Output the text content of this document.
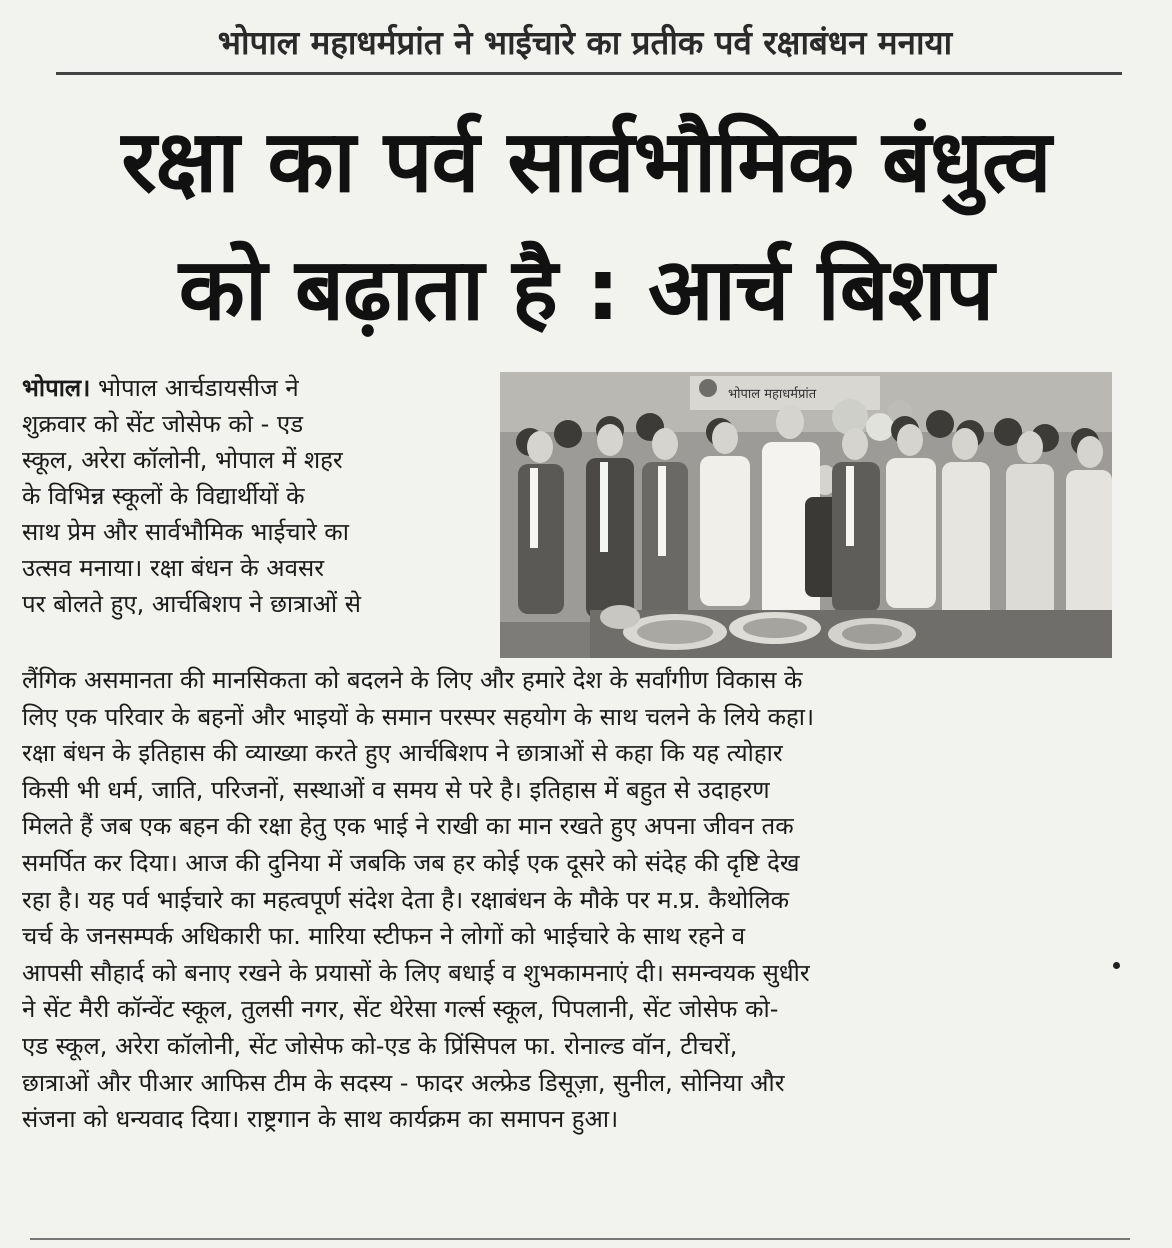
भोपाल महाधर्मप्रांत ने भाईचारे का प्रतीक पर्व रक्षाबंधन मनाया
रक्षा का पर्व सार्वभौमिक बंधुत्व
को बढ़ाता है : आर्च बिशप
भोपाल महाधर्मप्रांत
भोपाल। भोपाल आर्चडायसीज ने
शुक्रवार को सेंट जोसेफ को - एड
स्कूल, अरेरा कॉलोनी, भोपाल में शहर
के विभिन्न स्कूलों के विद्यार्थीयों के
साथ प्रेम और सार्वभौमिक भाईचारे का
उत्सव मनाया। रक्षा बंधन के अवसर
पर बोलते हुए, आर्चबिशप ने छात्राओं से
लैंगिक असमानता की मानसिकता को बदलने के लिए और हमारे देश के सर्वांगीण विकास के
लिए एक परिवार के बहनों और भाइयों के समान परस्पर सहयोग के साथ चलने के लिये कहा।
रक्षा बंधन के इतिहास की व्याख्या करते हुए आर्चबिशप ने छात्राओं से कहा कि यह त्योहार
किसी भी धर्म, जाति, परिजनों, सस्थाओं व समय से परे है। इतिहास में बहुत से उदाहरण
मिलते हैं जब एक बहन की रक्षा हेतु एक भाई ने राखी का मान रखते हुए अपना जीवन तक
समर्पित कर दिया। आज की दुनिया में जबकि जब हर कोई एक दूसरे को संदेह की दृष्टि देख
रहा है। यह पर्व भाईचारे का महत्वपूर्ण संदेश देता है। रक्षाबंधन के मौके पर म.प्र. कैथोलिक
चर्च के जनसम्पर्क अधिकारी फा. मारिया स्टीफन ने लोगों को भाईचारे के साथ रहने व
आपसी सौहार्द को बनाए रखने के प्रयासों के लिए बधाई व शुभकामनाएं दी। समन्वयक सुधीर
ने सेंट मैरी कॉन्वेंट स्कूल, तुलसी नगर, सेंट थेरेसा गर्ल्स स्कूल, पिपलानी, सेंट जोसेफ को-
एड स्कूल, अरेरा कॉलोनी, सेंट जोसेफ को-एड के प्रिंसिपल फा. रोनाल्ड वॉन, टीचरों,
छात्राओं और पीआर आफिस टीम के सदस्य - फादर अल्फ्रेड डिसूज़ा, सुनील, सोनिया और
संजना को धन्यवाद दिया। राष्ट्रगान के साथ कार्यक्रम का समापन हुआ।
